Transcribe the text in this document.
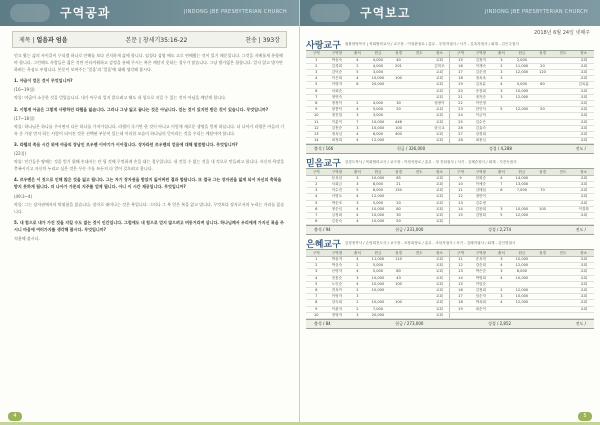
구역공과	JINDONG JBE PRESBYTERIAN CHURCH
제목 | 얼음과 엄음	본문 | 창세기35:16-22	찬송 | 393장

믿고 왔는 삶의 사이클이 무리겠 하나로 안해를 보다 진지하게 삶에 합니다. 임성다 삼쌍 배도 고로 연해왔는 것이 있기 때문입니다. 그것을 지배톨게 통합해야 합니다. 그런해도 사람들은 젊은 것만 안타까워하고 감정을 통해 주시는 복은 깨닫지 못하는 경우가 많습니다. 그냥 방가없은 합합니다. 얼지 않고 방가만 하려는 욕심도 부렵니다. 본문이 보여주는 '얼음'과 '얼음'에 대해 생각해 봅시다.

1. 야곱이 얻은 것이 무엇입니까?

(16~19절)

약물: 야곱이 소중한 것을 얻었습니다. 내가 아무리 얼지 않으려고 해도 내 힘으로 지킬 수 있는 것이 아님을 깨닫게 합니다.

2. 이렇게 아곱은 그렇게 사랑하던 라헬을 잃습니다. 그러나 그냥 잃고 끝나는 것은 아닙니다. 얻는 것이 있지만 받은 것이 있습니다. 무엇입니까?

(17~18절)

약물: 하나님은 하나를 주시면서 다른 하나를 가져가십니다. 라헬이 죽기만 한 것이 아니고 이렇게 새로운 생명을 얻게 하십니다. 더 나아가 라헬은 아들의 기록 중 가장 먼저 하는 사람이 되어진 것은 선택된 부분이 있는데 이러한 모습이 하나님의 뜻이라는 것을 우리는 깨달아야 합니다.

3. 라헬의 죽음 시간 위에 야곱의 장남인 르우벤 이야기가 이어집니다. 장자라던 르우벤의 얻음에 대해 말씀합니다. 무엇입니까?

(22절)

약물: 인간들은 땅에는 것을 얻기 위해 손대서는 안 될 것에 무엇하게 손을 대는 경우입니다. 내 것일 수 없는 것을 내 것으로 만들려고 합니다. 자신의 욕망을 충족시키고 자신의 누리고 싶은 것은 무슨 수를 쓰든지 다 얻어 갖으려고 합니다.

4. 르우벤은 이 짓으로 인해 많은 것을 잃고 됩니다. 그는 자기 장자권을 받았지 잃어버린 결과 합답니다. 또 결국 그는 장자권을 잃게 되어 자신의 축복을 받지 못하게 됩니다. 더 나아가 가문의 지주를 얻게 됩니다. 아니 이 시간 제공입니다. 무엇입니까?

(49:3~4)

약물: 그는 장자권에서의 탁월함을 잃습니다. 장자로 태어나는 것은 복입니다. 그러나 그 복 얻은 복을 잃고 맙니다. 무엇보다 장자로서의 누리는 자리를 잃습니다.

5. 내 힘으로 내가 가진 것을 지킬 수도 없는 것이 인간입니다. 그럼에도 내 힘으로 얻지 않으려고 버둥거리며 삽니다. 하나님께서 우리에게 가지신 복을 주시니 마음에 여러가지를 생각해 봅시다. 무엇입니까?

적용해 봅시다.

4
구역보고	JINDONG JBE PRESBYTERIAN CHURCH
2018년 6월 24일 넷째주
사랑교구 권찰담당목사 | 목회협력교사 / 교구장 - 이성완장로 / 총무 - 우영자권사 / 서기 - 김옥자집사 / 회계 - 김은주집사
구역	구역장	출석	헌금	성경	전도	장소	구역	구역장	출석	헌금	성경	전도	장소
1	박윤숙	4	4,000	40		교회	15	김정자	3	2,000			교회
2	김경희	2	4,000	201		김미조	16	이재숙	2	11,000	20		교회
3	김덕순	5	3,000			교회	17	김순점	3	12,000	120		교회
4	이은희	4	10,000	100		교회	18	정옥옥	3				교회
5	이명자	6	20,000			교회	19	김옥분	4	5,000	60		김옥분
6	차희순					교회	20	송장희	3	10,000			교회
7	정연숙					교회	21	정자순	3	12,000			교회
8	정정이	2	4,000	30		정정이	22	이인영					교회
9	장봉덕	4	5,000	20		교회	23	한인석	5	12,000	50		교회
10	정진열	3	3,000			교회	24	이금덕					교회
11	이분이	7	10,000	446		교회	25	김수은					교회
12	김봉순	3	10,000	100		한국교	26	김효숙					교회
13	정옥심	4	6,000	400		교회	27	강경희					교회
14	최정희	4	12,000			교회	28	최용심					교회
출석 / 166	헌금 / 326,000	성경 / 4,288	전도 /
믿음교구 김경도목사 / 목회협력교사 / 교구장 - 이정석장로 / 총무 - 정 진희집사 / 서기 - 김혜순집사 / 회계 - 지진숙집사
구역	구역장	출석	헌금	성경	전도	장소	구역	구역장	출석	헌금	성경	전도	장소
1	문옥임	3	10,000	65		교회	9	한희순	4	14,000			교회
2	서희금	3	8,000	21		교회	10	이예순	7	13,000			교회
3	이수진	5	8,000	150		교회	11	김태섭	6	7,000	70		교회
4	서영오	4	12,000			교회	12	정만이					교회
5	박순조	3	5,000	20		교회	13	김수정					교회
6	정순임	4	10,000	80		교회	14	감찬희	3	10,000	100		이경화
7	심정희	4	10,000	30		교회	15	김영희	5	12,000			교회
8	김문숙	4	10,000	50		교회							
출석 / 94	헌금 / 231,000	성경 / 2,274	전도 /
은혜교구 김경정목사 / 손영희전도사 / 교구장 - 조장희장로 / 총무 - 조삼자권사 / 서기 - 김혜자권사 / 회계 - 김인영권사
구역	구역장	출석	헌금	성경	전도	장소	구역	구역장	출석	헌금	성경	전도	장소
1	박윤자	4	11,000	110		교회	11	송옥자	3	10,000			교회
2	박심숙	2	5,000			교회	12	강순희	4	12,000			교회
3	신명자	4	5,000	80		교회	13	박은순	3	8,000			교회
4	천봉순	3	10,000	43		교회	14	박영희	4	10,000			교회
5	노인순	4	10,000	100		교회	15	이말순					교회
6	전옥이	2	10,000			교회	16	김정희	2	12,000			교회
7	이영자	3				교회	17	임순자	3	10,000			교회
8	강숙희	2	10,000	100		교회	18	박옥희	4	12,000			교회
9	이춘자	2	7,000			교회	19	최순이					교회
10	정영자	3	20,000			교회							
출석 / 84	헌금 / 273,000	성경 / 2,852	전도 /
5
